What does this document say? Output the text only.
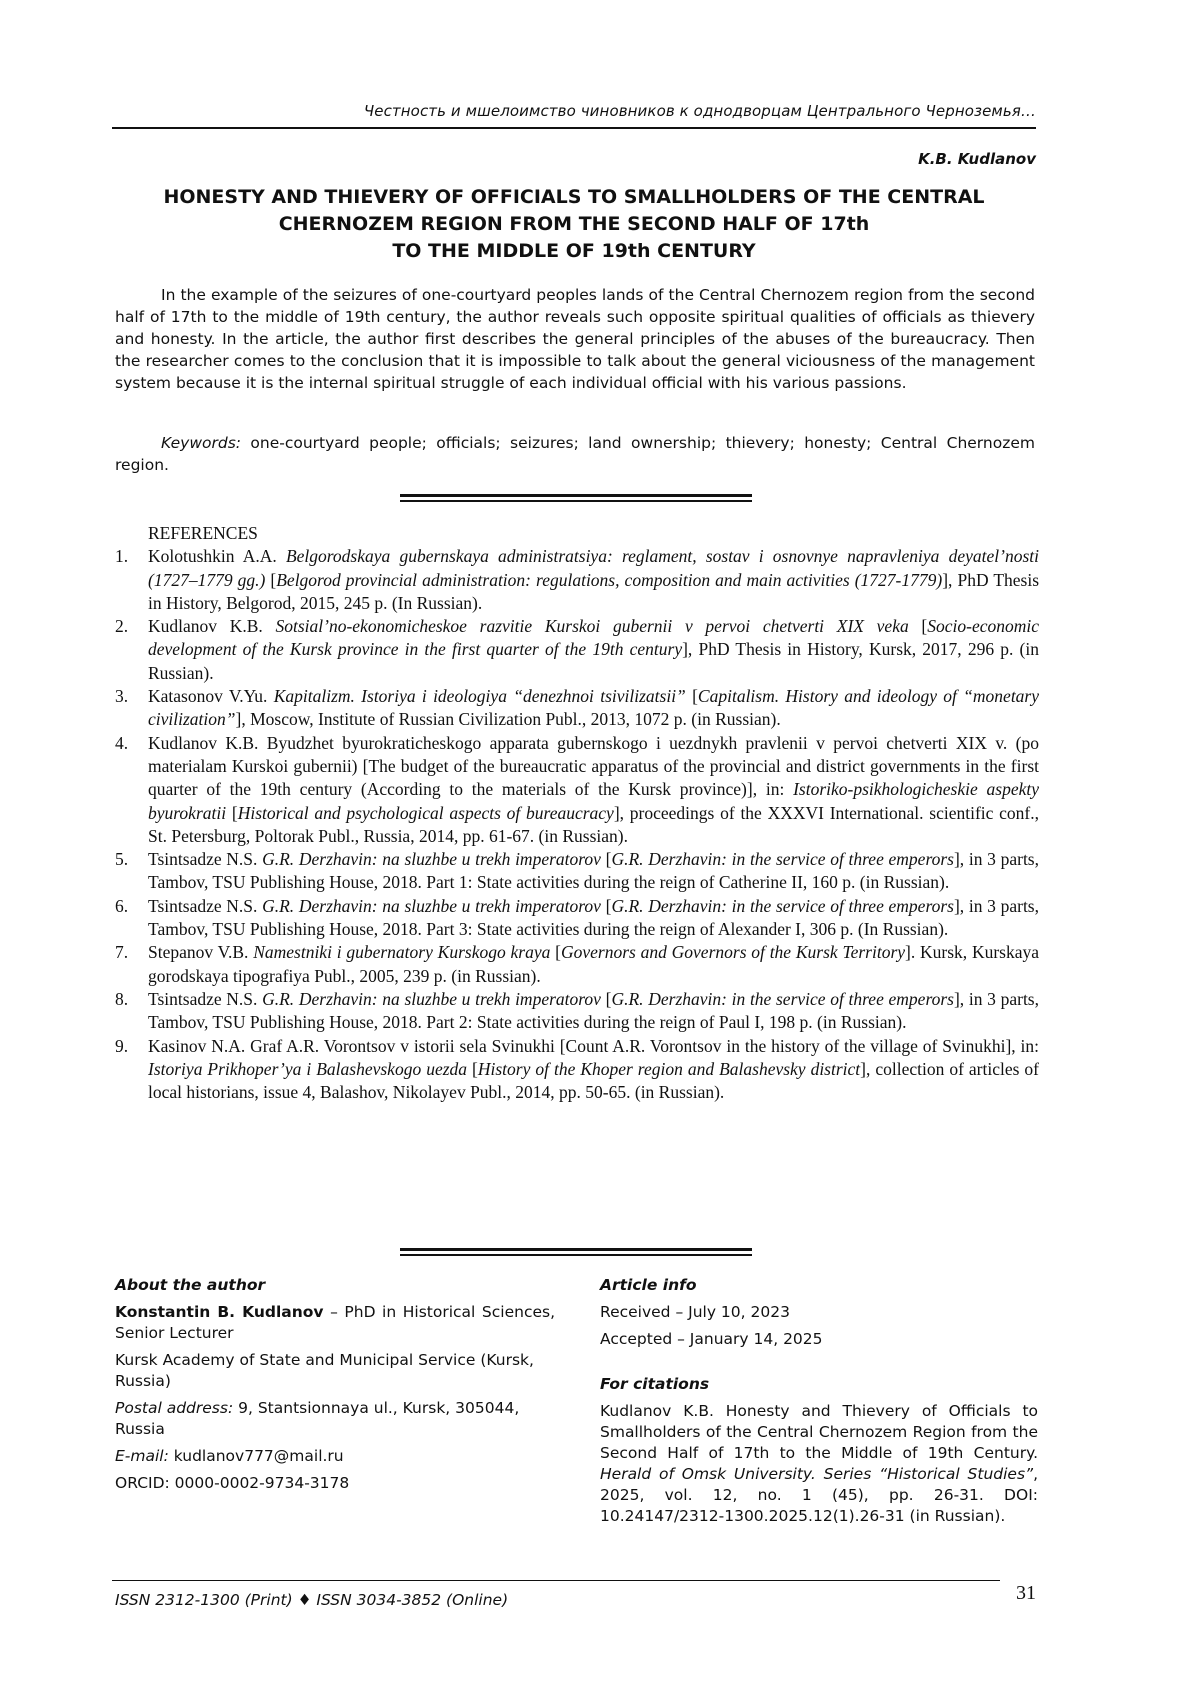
Честность и мшелоимство чиновников к однодворцам Центрального Черноземья…
K.B. Kudlanov
HONESTY AND THIEVERY OF OFFICIALS TO SMALLHOLDERS OF THE CENTRAL
CHERNOZEM REGION FROM THE SECOND HALF OF 17th
TO THE MIDDLE OF 19th CENTURY

In the example of the seizures of one-courtyard peoples lands of the Central Chernozem region from the second half of 17th to the middle of 19th century, the author reveals such opposite spiritual qualities of officials as thievery and honesty. In the article, the author first describes the general principles of the abuses of the bureaucracy. Then the researcher comes to the conclusion that it is impossible to talk about the general viciousness of the management system because it is the internal spiritual struggle of each individual official with his various passions.

Keywords: one-courtyard people; officials; seizures; land ownership; thievery; honesty; Central Chernozem region.
REFERENCES
1. Kolotushkin A.A. Belgorodskaya gubernskaya administratsiya: reglament, sostav i osnovnye napravleniya deyatel’nosti (1727–1779 gg.) [Belgorod provincial administration: regulations, composition and main activities (1727-1779)], PhD Thesis in History, Belgorod, 2015, 245 p. (In Russian).
2. Kudlanov K.B. Sotsial’no-ekonomicheskoe razvitie Kurskoi gubernii v pervoi chetverti XIX veka [Socio-economic development of the Kursk province in the first quarter of the 19th century], PhD Thesis in History, Kursk, 2017, 296 p. (in Russian).
3. Katasonov V.Yu. Kapitalizm. Istoriya i ideologiya “denezhnoi tsivilizatsii” [Capitalism. History and ideology of “monetary civilization”], Moscow, Institute of Russian Civilization Publ., 2013, 1072 p. (in Russian).
4. Kudlanov K.B. Byudzhet byurokraticheskogo apparata gubernskogo i uezdnykh pravlenii v pervoi chetverti XIX v. (po materialam Kurskoi gubernii) [The budget of the bureaucratic apparatus of the provincial and district governments in the first quarter of the 19th century (According to the materials of the Kursk province)], in: Istoriko-psikhologicheskie aspekty byurokratii [Historical and psychological aspects of bureaucracy], proceedings of the XXXVI International. scientific conf., St. Petersburg, Poltorak Publ., Russia, 2014, pp. 61-67. (in Russian).
5. Tsintsadze N.S. G.R. Derzhavin: na sluzhbe u trekh imperatorov [G.R. Derzhavin: in the service of three emperors], in 3 parts, Tambov, TSU Publishing House, 2018. Part 1: State activities during the reign of Catherine II, 160 p. (in Russian).
6. Tsintsadze N.S. G.R. Derzhavin: na sluzhbe u trekh imperatorov [G.R. Derzhavin: in the service of three emperors], in 3 parts, Tambov, TSU Publishing House, 2018. Part 3: State activities during the reign of Alexander I, 306 p. (In Russian).
7. Stepanov V.B. Namestniki i gubernatory Kurskogo kraya [Governors and Governors of the Kursk Territory]. Kursk, Kurskaya gorodskaya tipografiya Publ., 2005, 239 p. (in Russian).
8. Tsintsadze N.S. G.R. Derzhavin: na sluzhbe u trekh imperatorov [G.R. Derzhavin: in the service of three emperors], in 3 parts, Tambov, TSU Publishing House, 2018. Part 2: State activities during the reign of Paul I, 198 p. (in Russian).
9. Kasinov N.A. Graf A.R. Vorontsov v istorii sela Svinukhi [Count A.R. Vorontsov in the history of the village of Svinukhi], in: Istoriya Prikhoper’ya i Balashevskogo uezda [History of the Khoper region and Balashevsky district], collection of articles of local historians, issue 4, Balashov, Nikolayev Publ., 2014, pp. 50-65. (in Russian).
About the author

Konstantin B. Kudlanov – PhD in Historical Sciences, Senior Lecturer

Kursk Academy of State and Municipal Service (Kursk, Russia)

Postal address: 9, Stantsionnaya ul., Kursk, 305044, Russia

E-mail: kudlanov777@mail.ru

ORCID: 0000-0002-9734-3178

Article info

Received – July 10, 2023

Accepted – January 14, 2025

For citations

Kudlanov K.B. Honesty and Thievery of Officials to Smallholders of the Central Chernozem Region from the Second Half of 17th to the Middle of 19th Century. Herald of Omsk University. Series “Historical Studies”, 2025, vol. 12, no. 1 (45), pp. 26-31. DOI: 10.24147/2312-1300.2025.12(1).26-31 (in Russian).

ISSN 2312-1300 (Print) ♦ ISSN 3034-3852 (Online)	31
